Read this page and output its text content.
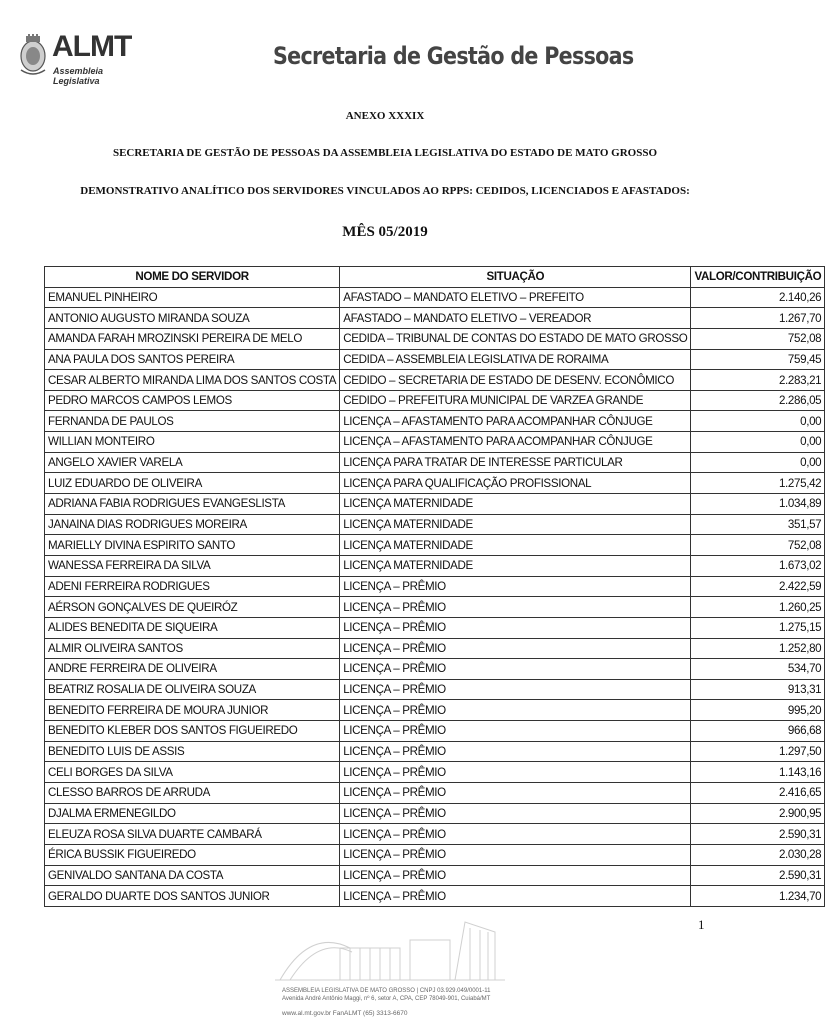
ALMT
Assembleia Legislativa
Secretaria de Gestão de Pessoas
ANEXO XXXIX
SECRETARIA DE GESTÃO DE PESSOAS DA ASSEMBLEIA LEGISLATIVA DO ESTADO DE MATO GROSSO
DEMONSTRATIVO ANALÍTICO DOS SERVIDORES VINCULADOS AO RPPS: CEDIDOS, LICENCIADOS E AFASTADOS:
MÊS 05/2019
NOME DO SERVIDOR	SITUAÇÃO	VALOR/CONTRIBUIÇÃO
EMANUEL PINHEIRO	AFASTADO – MANDATO ELETIVO – PREFEITO	2.140,26
ANTONIO AUGUSTO MIRANDA SOUZA	AFASTADO – MANDATO ELETIVO – VEREADOR	1.267,70
AMANDA FARAH MROZINSKI PEREIRA DE MELO	CEDIDA – TRIBUNAL DE CONTAS DO ESTADO DE MATO GROSSO	752,08
ANA PAULA DOS SANTOS PEREIRA	CEDIDA – ASSEMBLEIA LEGISLATIVA DE RORAIMA	759,45
CESAR ALBERTO MIRANDA LIMA DOS SANTOS COSTA	CEDIDO – SECRETARIA DE ESTADO DE DESENV. ECONÔMICO	2.283,21
PEDRO MARCOS CAMPOS LEMOS	CEDIDO – PREFEITURA MUNICIPAL DE VARZEA GRANDE	2.286,05
FERNANDA DE PAULOS	LICENÇA – AFASTAMENTO PARA ACOMPANHAR CÔNJUGE	0,00
WILLIAN MONTEIRO	LICENÇA – AFASTAMENTO PARA ACOMPANHAR CÔNJUGE	0,00
ANGELO XAVIER VARELA	LICENÇA PARA TRATAR DE INTERESSE PARTICULAR	0,00
LUIZ EDUARDO DE OLIVEIRA	LICENÇA PARA QUALIFICAÇÃO PROFISSIONAL	1.275,42
ADRIANA FABIA RODRIGUES EVANGESLISTA	LICENÇA MATERNIDADE	1.034,89
JANAINA DIAS RODRIGUES MOREIRA	LICENÇA MATERNIDADE	351,57
MARIELLY DIVINA ESPIRITO SANTO	LICENÇA MATERNIDADE	752,08
WANESSA FERREIRA DA SILVA	LICENÇA MATERNIDADE	1.673,02
ADENI FERREIRA RODRIGUES	LICENÇA – PRÊMIO	2.422,59
AÉRSON GONÇALVES DE QUEIRÓZ	LICENÇA – PRÊMIO	1.260,25
ALIDES BENEDITA DE SIQUEIRA	LICENÇA – PRÊMIO	1.275,15
ALMIR OLIVEIRA SANTOS	LICENÇA – PRÊMIO	1.252,80
ANDRE FERREIRA DE OLIVEIRA	LICENÇA – PRÊMIO	534,70
BEATRIZ ROSALIA DE OLIVEIRA SOUZA	LICENÇA – PRÊMIO	913,31
BENEDITO FERREIRA DE MOURA JUNIOR	LICENÇA – PRÊMIO	995,20
BENEDITO KLEBER DOS SANTOS FIGUEIREDO	LICENÇA – PRÊMIO	966,68
BENEDITO LUIS DE ASSIS	LICENÇA – PRÊMIO	1.297,50
CELI BORGES DA SILVA	LICENÇA – PRÊMIO	1.143,16
CLESSO BARROS DE ARRUDA	LICENÇA – PRÊMIO	2.416,65
DJALMA ERMENEGILDO	LICENÇA – PRÊMIO	2.900,95
ELEUZA ROSA SILVA DUARTE CAMBARÁ	LICENÇA – PRÊMIO	2.590,31
ÉRICA BUSSIK FIGUEIREDO	LICENÇA – PRÊMIO	2.030,28
GENIVALDO SANTANA DA COSTA	LICENÇA – PRÊMIO	2.590,31
GERALDO DUARTE DOS SANTOS JUNIOR	LICENÇA – PRÊMIO	1.234,70
1
ASSEMBLEIA LEGISLATIVA DE MATO GROSSO | CNPJ 03.929.049/0001-11
Avenida André Antônio Maggi, nº 6, setor A, CPA, CEP 78049-901, Cuiabá/MT
www.al.mt.gov.br FanALMT (65) 3313-6670
